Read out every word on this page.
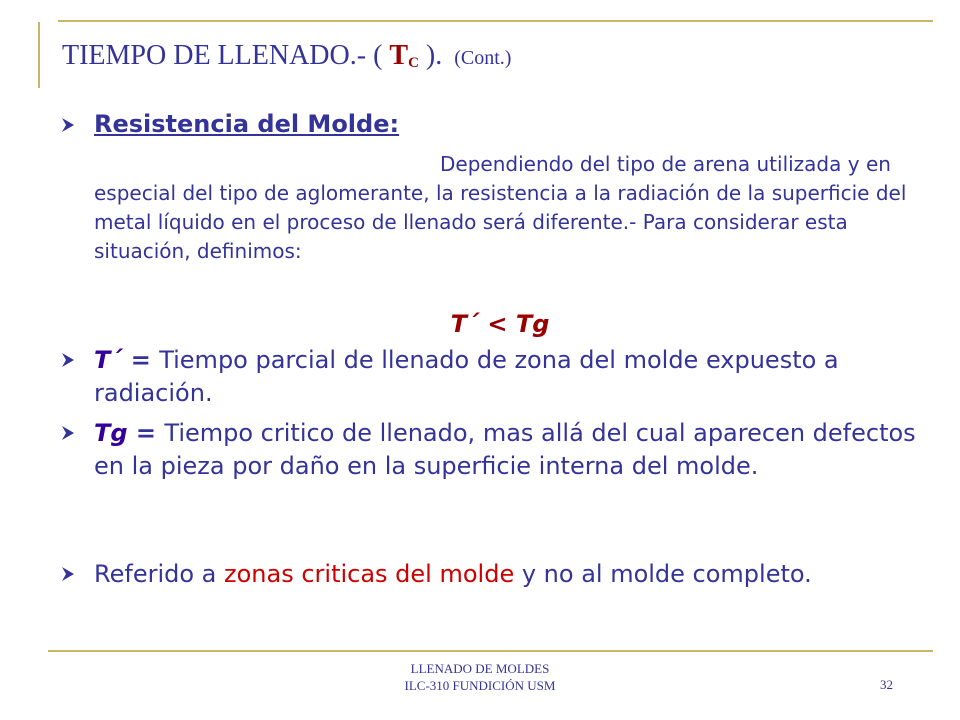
TIEMPO DE LLENADO.- ( TC ). (Cont.)
Resistencia del Molde:
Dependiendo del tipo de arena utilizada y en especial del tipo de aglomerante, la resistencia a la radiación de la superficie del metal líquido en el proceso de llenado será diferente.- Para considerar esta situación, definimos:
T´ < Tg
T´ = Tiempo parcial de llenado de zona del molde expuesto a radiación.
Tg = Tiempo critico de llenado, mas allá del cual aparecen defectos en la pieza por daño en la superficie interna del molde.
Referido a zonas criticas del molde y no al molde completo.
LLENADO DE MOLDES
ILC-310 FUNDICIÓN USM	32
